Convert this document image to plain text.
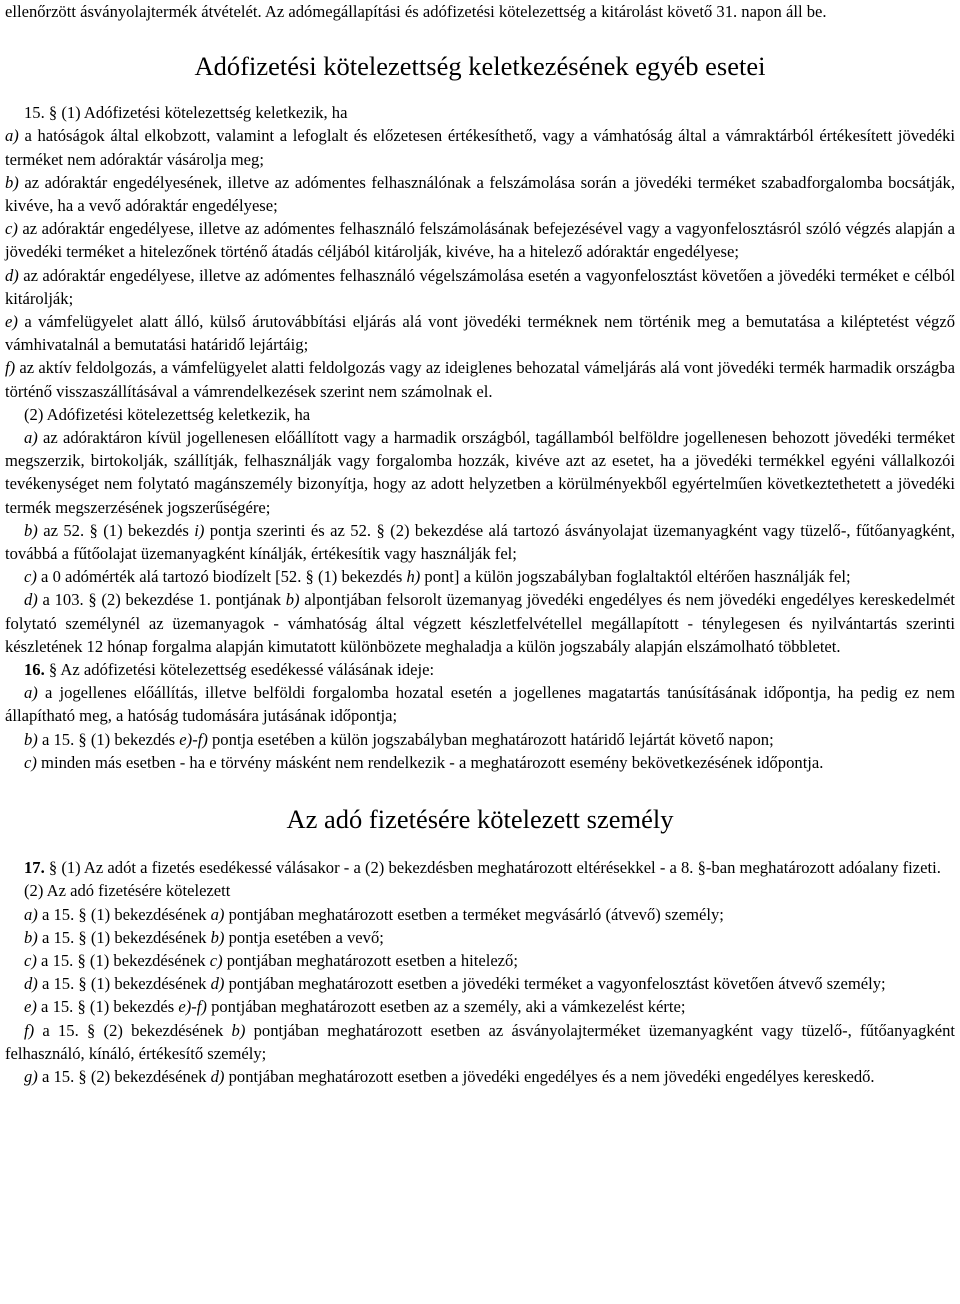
ellenőrzött ásványolajtermék átvételét. Az adómegállapítási és adófizetési kötelezettség a kitárolást követő 31. napon áll be.

Adófizetési kötelezettség keletkezésének egyéb esetei

15. § (1) Adófizetési kötelezettség keletkezik, ha

a) a hatóságok által elkobzott, valamint a lefoglalt és előzetesen értékesíthető, vagy a vámhatóság által a vámraktárból értékesített jövedéki terméket nem adóraktár vásárolja meg;

b) az adóraktár engedélyesének, illetve az adómentes felhasználónak a felszámolása során a jövedéki terméket szabadforgalomba bocsátják, kivéve, ha a vevő adóraktár engedélyese;

c) az adóraktár engedélyese, illetve az adómentes felhasználó felszámolásának befejezésével vagy a vagyonfelosztásról szóló végzés alapján a jövedéki terméket a hitelezőnek történő átadás céljából kitárolják, kivéve, ha a hitelező adóraktár engedélyese;

d) az adóraktár engedélyese, illetve az adómentes felhasználó végelszámolása esetén a vagyonfelosztást követően a jövedéki terméket e célból kitárolják;

e) a vámfelügyelet alatt álló, külső árutovábbítási eljárás alá vont jövedéki terméknek nem történik meg a bemutatása a kiléptetést végző vámhivatalnál a bemutatási határidő lejártáig;

f) az aktív feldolgozás, a vámfelügyelet alatti feldolgozás vagy az ideiglenes behozatal vámeljárás alá vont jövedéki termék harmadik országba történő visszaszállításával a vámrendelkezések szerint nem számolnak el.

(2) Adófizetési kötelezettség keletkezik, ha

a) az adóraktáron kívül jogellenesen előállított vagy a harmadik országból, tagállamból belföldre jogellenesen behozott jövedéki terméket megszerzik, birtokolják, szállítják, felhasználják vagy forgalomba hozzák, kivéve azt az esetet, ha a jövedéki termékkel egyéni vállalkozói tevékenységet nem folytató magánszemély bizonyítja, hogy az adott helyzetben a körülményekből egyértelműen következtethetett a jövedéki termék megszerzésének jogszerűségére;

b) az 52. § (1) bekezdés i) pontja szerinti és az 52. § (2) bekezdése alá tartozó ásványolajat üzemanyagként vagy tüzelő-, fűtőanyagként, továbbá a fűtőolajat üzemanyagként kínálják, értékesítik vagy használják fel;

c) a 0 adómérték alá tartozó biodízelt [52. § (1) bekezdés h) pont] a külön jogszabályban foglaltaktól eltérően használják fel;

d) a 103. § (2) bekezdése 1. pontjának b) alpontjában felsorolt üzemanyag jövedéki engedélyes és nem jövedéki engedélyes kereskedelmét folytató személynél az üzemanyagok - vámhatóság által végzett készletfelvétellel megállapított - ténylegesen és nyilvántartás szerinti készletének 12 hónap forgalma alapján kimutatott különbözete meghaladja a külön jogszabály alapján elszámolható többletet.

16. § Az adófizetési kötelezettség esedékessé válásának ideje:

a) a jogellenes előállítás, illetve belföldi forgalomba hozatal esetén a jogellenes magatartás tanúsításának időpontja, ha pedig ez nem állapítható meg, a hatóság tudomására jutásának időpontja;

b) a 15. § (1) bekezdés e)-f) pontja esetében a külön jogszabályban meghatározott határidő lejártát követő napon;

c) minden más esetben - ha e törvény másként nem rendelkezik - a meghatározott esemény bekövetkezésének időpontja.

Az adó fizetésére kötelezett személy

17. § (1) Az adót a fizetés esedékessé válásakor - a (2) bekezdésben meghatározott eltérésekkel - a 8. §-ban meghatározott adóalany fizeti.

(2) Az adó fizetésére kötelezett

a) a 15. § (1) bekezdésének a) pontjában meghatározott esetben a terméket megvásárló (átvevő) személy;

b) a 15. § (1) bekezdésének b) pontja esetében a vevő;

c) a 15. § (1) bekezdésének c) pontjában meghatározott esetben a hitelező;

d) a 15. § (1) bekezdésének d) pontjában meghatározott esetben a jövedéki terméket a vagyonfelosztást követően átvevő személy;

e) a 15. § (1) bekezdés e)-f) pontjában meghatározott esetben az a személy, aki a vámkezelést kérte;

f) a 15. § (2) bekezdésének b) pontjában meghatározott esetben az ásványolajterméket üzemanyagként vagy tüzelő-, fűtőanyagként felhasználó, kínáló, értékesítő személy;

g) a 15. § (2) bekezdésének d) pontjában meghatározott esetben a jövedéki engedélyes és a nem jövedéki engedélyes kereskedő.
